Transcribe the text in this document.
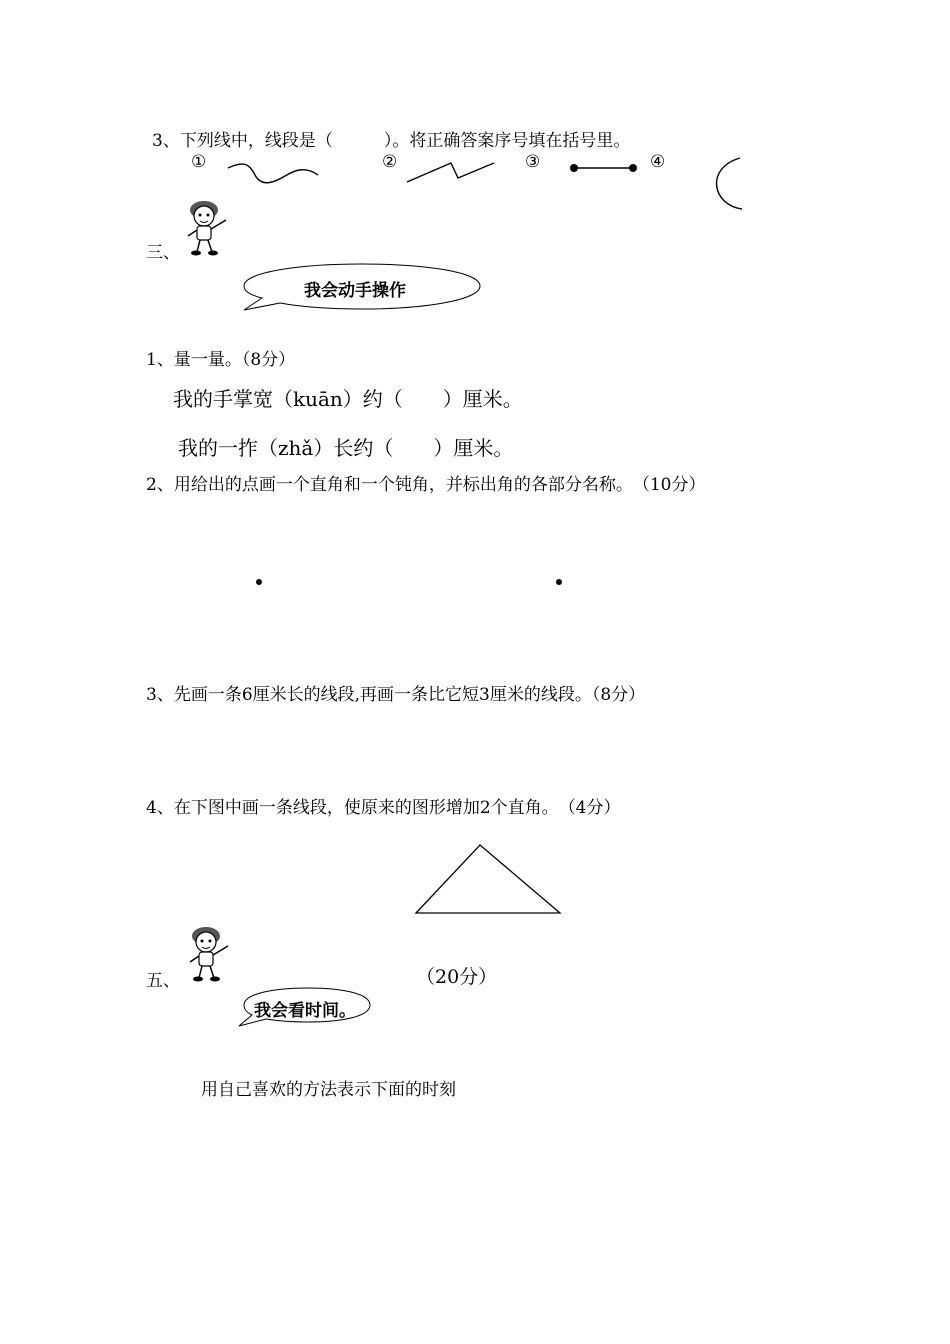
3、下列线中，线段是（　　　）。将正确答案序号填在括号里。
①	②	③	④
三、
我会动手操作
1、量一量。（8分）
我的手掌宽（kuān）约（　　）厘米。
我的一拃（zhǎ）长约（　　）厘米。
2、用给出的点画一个直角和一个钝角，并标出角的各部分名称。　（10分）
3、先画一条6厘米长的线段,再画一条比它短3厘米的线段。（8分）
4、在下图中画一条线段，使原来的图形增加2个直角。　（4分）
五、	（20分）
我会看时间。
用自己喜欢的方法表示下面的时刻
